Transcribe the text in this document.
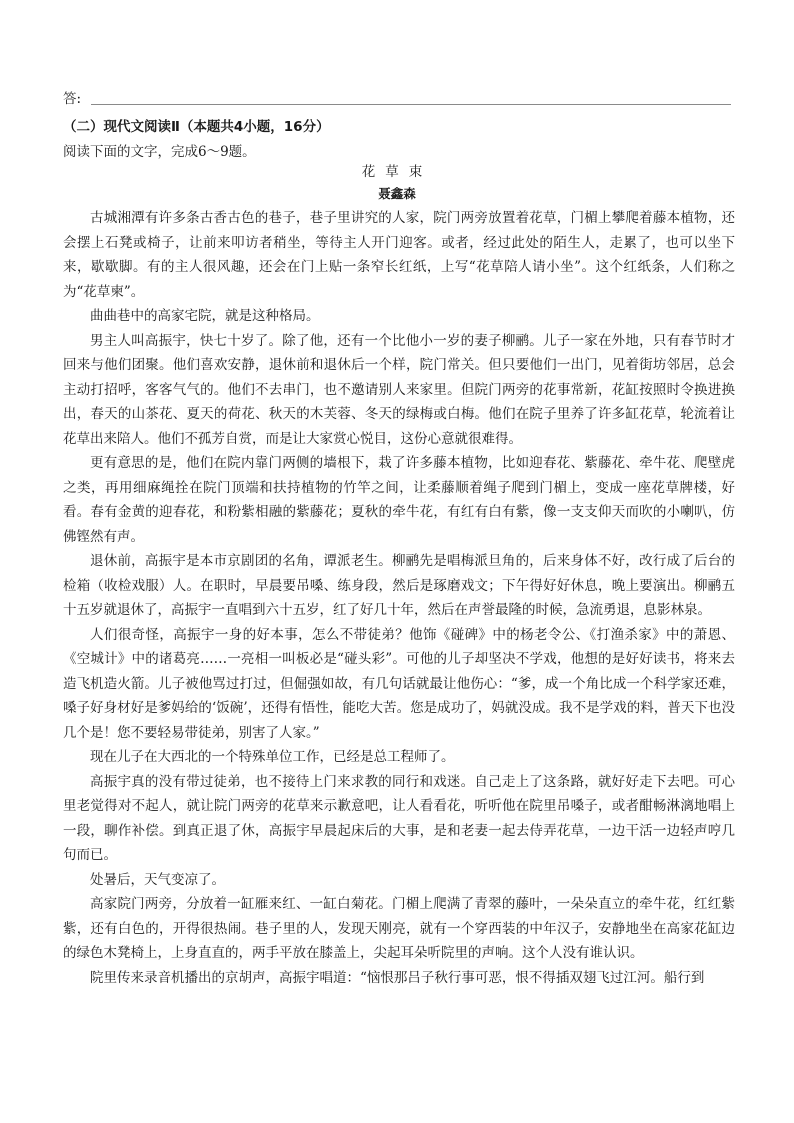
答:
（二）现代文阅读Ⅱ（本题共4小题，16分）
阅读下面的文字，完成6～9题。
花草束
聂鑫森

古城湘潭有许多条古香古色的巷子，巷子里讲究的人家，院门两旁放置着花草，门楣上攀爬着藤本植物，还会摆上石凳或椅子，让前来叩访者稍坐，等待主人开门迎客。或者，经过此处的陌生人，走累了，也可以坐下来，歇歇脚。有的主人很风趣，还会在门上贴一条窄长红纸，上写“花草陪人请小坐”。这个红纸条，人们称之为“花草柬”。

曲曲巷中的高家宅院，就是这种格局。

男主人叫高振宇，快七十岁了。除了他，还有一个比他小一岁的妻子柳鹂。儿子一家在外地，只有春节时才回来与他们团聚。他们喜欢安静，退休前和退休后一个样，院门常关。但只要他们一出门，见着街坊邻居，总会主动打招呼，客客气气的。他们不去串门，也不邀请别人来家里。但院门两旁的花事常新，花缸按照时令换进换出，春天的山茶花、夏天的荷花、秋天的木芙蓉、冬天的绿梅或白梅。他们在院子里养了许多缸花草，轮流着让花草出来陪人。他们不孤芳自赏，而是让大家赏心悦目，这份心意就很难得。

更有意思的是，他们在院内靠门两侧的墙根下，栽了许多藤本植物，比如迎春花、紫藤花、牵牛花、爬壁虎之类，再用细麻绳拴在院门顶端和扶持植物的竹竿之间，让柔藤顺着绳子爬到门楣上，变成一座花草牌楼，好看。春有金黄的迎春花，和粉紫相融的紫藤花；夏秋的牵牛花，有红有白有紫，像一支支仰天而吹的小喇叭，仿佛铿然有声。

退休前，高振宇是本市京剧团的名角，谭派老生。柳鹂先是唱梅派旦角的，后来身体不好，改行成了后台的检箱（收检戏服）人。在职时，早晨要吊嗓、练身段，然后是琢磨戏文；下午得好好休息，晚上要演出。柳鹂五十五岁就退休了，高振宇一直唱到六十五岁，红了好几十年，然后在声誉最隆的时候，急流勇退，息影林泉。

人们很奇怪，高振宇一身的好本事，怎么不带徒弟？他饰《碰碑》中的杨老令公、《打渔杀家》中的萧恩、《空城计》中的诸葛亮……一亮相一叫板必是“碰头彩”。可他的儿子却坚决不学戏，他想的是好好读书，将来去造飞机造火箭。儿子被他骂过打过，但倔强如故，有几句话就最让他伤心：“爹，成一个角比成一个科学家还难，嗓子好身材好是爹妈给的‘饭碗’，还得有悟性，能吃大苦。您是成功了，妈就没成。我不是学戏的料，普天下也没几个是！您不要轻易带徒弟，别害了人家。”

现在儿子在大西北的一个特殊单位工作，已经是总工程师了。

高振宇真的没有带过徒弟，也不接待上门来求教的同行和戏迷。自己走上了这条路，就好好走下去吧。可心里老觉得对不起人，就让院门两旁的花草来示歉意吧，让人看看花，听听他在院里吊嗓子，或者酣畅淋漓地唱上一段，聊作补偿。到真正退了休，高振宇早晨起床后的大事，是和老妻一起去侍弄花草，一边干活一边轻声哼几句而已。

处暑后，天气变凉了。

高家院门两旁，分放着一缸雁来红、一缸白菊花。门楣上爬满了青翠的藤叶，一朵朵直立的牵牛花，红红紫紫，还有白色的，开得很热闹。巷子里的人，发现天刚亮，就有一个穿西装的中年汉子，安静地坐在高家花缸边的绿色木凳椅上，上身直直的，两手平放在膝盖上，尖起耳朵听院里的声响。这个人没有谁认识。

院里传来录音机播出的京胡声，高振宇唱道：“恼恨那吕子秋行事可恶，恨不得插双翅飞过江河。船行到
